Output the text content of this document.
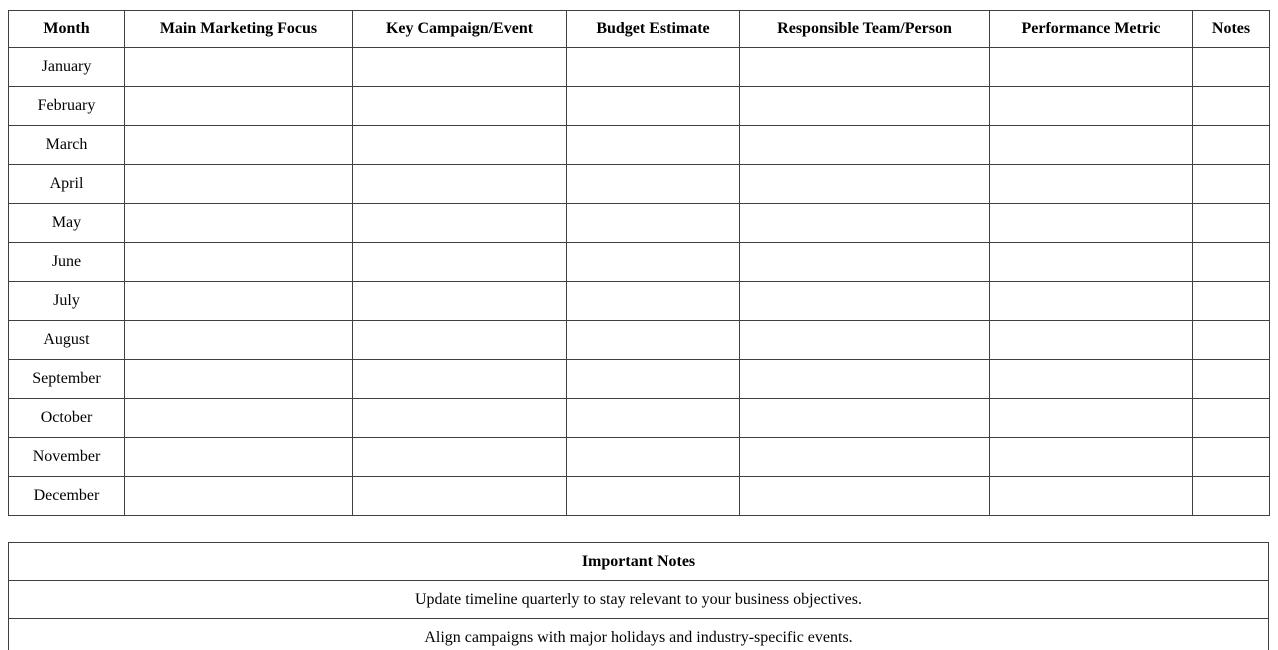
Month	Main Marketing Focus	Key Campaign/Event	Budget Estimate	Responsible Team/Person	Performance Metric	Notes
January						
February						
March						
April						
May						
June						
July						
August						
September						
October						
November						
December						
Important Notes
Update timeline quarterly to stay relevant to your business objectives.
Align campaigns with major holidays and industry-specific events.
